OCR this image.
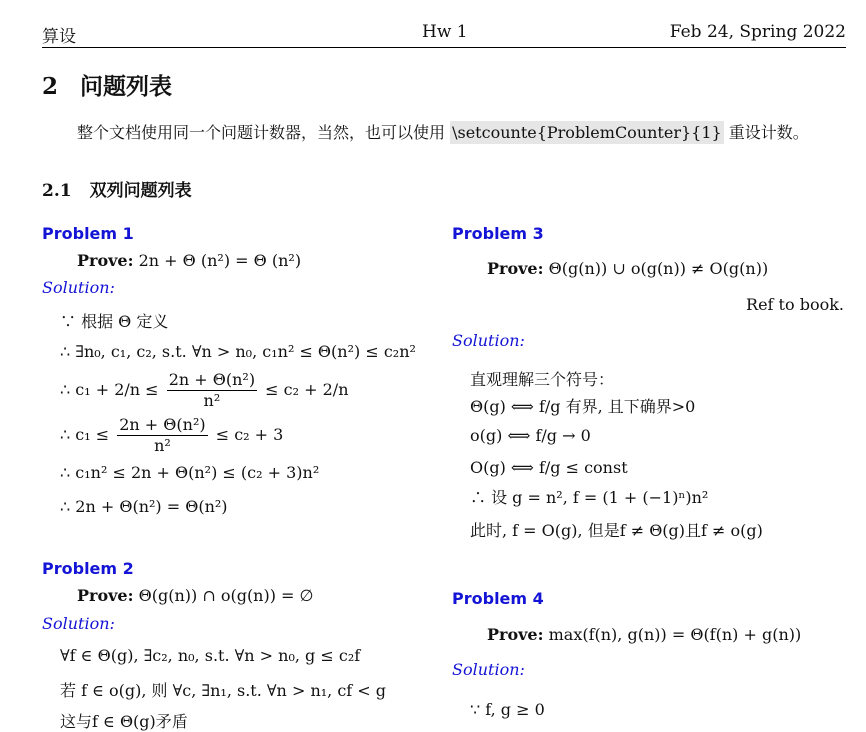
算设	Hw 1	Feb 24, Spring 2022
2 问题列表
整个文档使用同一个问题计数器，当然，也可以使用 \setcounte{ProblemCounter}{1} 重设计数。
2.1 双列问题列表
Problem 1
Prove: 2n + Θ (n²) = Θ (n²)
Solution:
∵ 根据 Θ 定义
∴ ∃n₀, c₁, c₂, s.t. ∀n > n₀, c₁n² ≤ Θ(n²) ≤ c₂n²
∴ $c_1 + 2/n \le \frac{\text{2n + Θ(n²)}}{\text{n²}} \le c_2 + 2/n$
∴ $c_1 \le \frac{\text{2n + Θ(n²)}}{\text{n²}} \le c_2 + 3$
∴ c₁n² ≤ 2n + Θ(n²) ≤ (c₂ + 3)n²
∴ 2n + Θ(n²) = Θ(n²)
Problem 2
Prove: Θ(g(n)) ∩ o(g(n)) = ∅
Solution:
∀f ∈ Θ(g), ∃c₂, n₀, s.t. ∀n > n₀, g ≤ c₂f
若 f ∈ o(g), 则 ∀c, ∃n₁, s.t. ∀n > n₁, cf < g
这与f ∈ Θ(g)矛盾
Problem 3
Prove: Θ(g(n)) ∪ o(g(n)) ≠ O(g(n))
Ref to book.
Solution:
直观理解三个符号：
Θ(g) ⟺ f/g 有界, 且下确界>0
o(g) ⟺ f/g → 0
O(g) ⟺ f/g ≤ const
∴ 设 g = n², f = (1 + (−1)ⁿ)n²
此时, f = O(g), 但是f ≠ Θ(g)且f ≠ o(g)
Problem 4
Prove: max(f(n), g(n)) = Θ(f(n) + g(n))
Solution:
∵ f, g ≥ 0
